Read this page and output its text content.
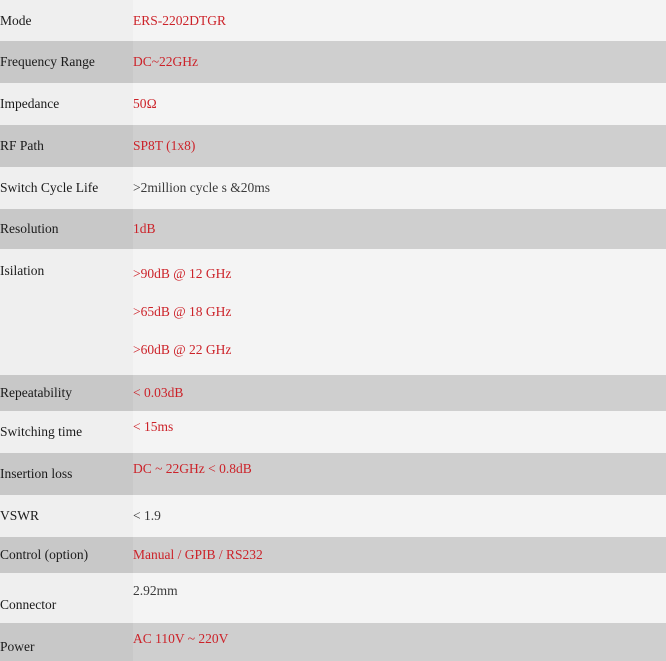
Mode	ERS-2202DTGR
Frequency Range	DC~22GHz
Impedance	50Ω
RF Path	SP8T (1x8)
Switch Cycle Life	>2million cycle s &20ms
Resolution	1dB
Isilation	>90dB @ 12 GHz
>65dB @ 18 GHz
>60dB @ 22 GHz

Repeatability	< 0.03dB
Switching time	< 15ms
Insertion loss	DC ~ 22GHz < 0.8dB
VSWR	< 1.9
Control (option)	Manual / GPIB / RS232
Connector	2.92mm
Power	AC 110V ~ 220V
